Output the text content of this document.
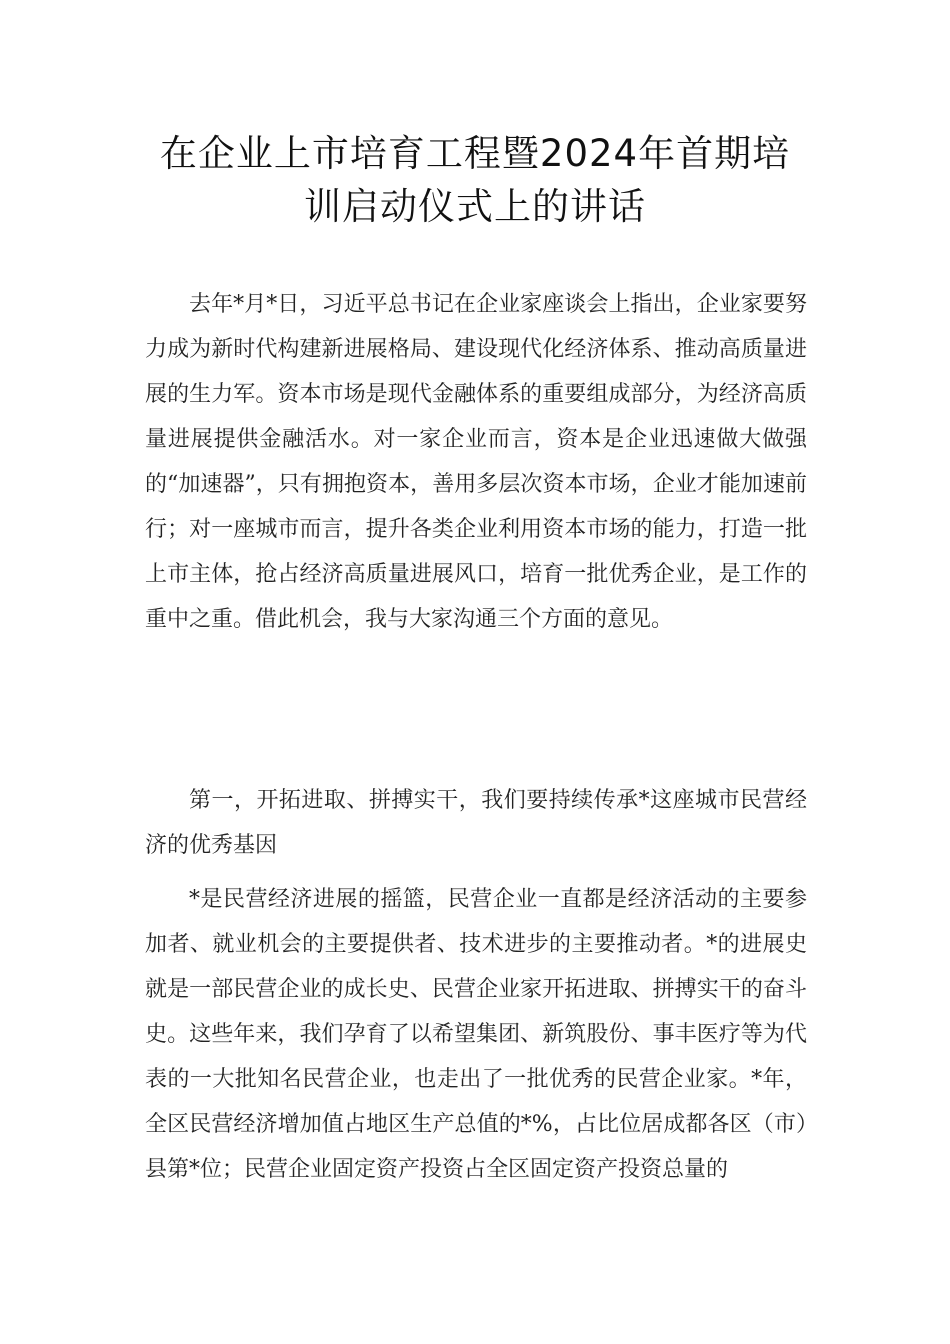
在企业上市培育工程暨2024年首期培
训启动仪式上的讲话

去年*月*日，习近平总书记在企业家座谈会上指出，企业家要努力成为新时代构建新进展格局、建设现代化经济体系、推动高质量进展的生力军。资本市场是现代金融体系的重要组成部分，为经济高质量进展提供金融活水。对一家企业而言，资本是企业迅速做大做强的“加速器”，只有拥抱资本，善用多层次资本市场，企业才能加速前行；对一座城市而言，提升各类企业利用资本市场的能力，打造一批上市主体，抢占经济高质量进展风口，培育一批优秀企业，是工作的重中之重。借此机会，我与大家沟通三个方面的意见。

第一，开拓进取、拼搏实干，我们要持续传承*这座城市民营经济的优秀基因

*是民营经济进展的摇篮，民营企业一直都是经济活动的主要参加者、就业机会的主要提供者、技术进步的主要推动者。*的进展史就是一部民营企业的成长史、民营企业家开拓进取、拼搏实干的奋斗史。这些年来，我们孕育了以希望集团、新筑股份、事丰医疗等为代表的一大批知名民营企业，也走出了一批优秀的民营企业家。*年，全区民营经济增加值占地区生产总值的*%，占比位居成都各区（市）县第*位；民营企业固定资产投资占全区固定资产投资总量的
